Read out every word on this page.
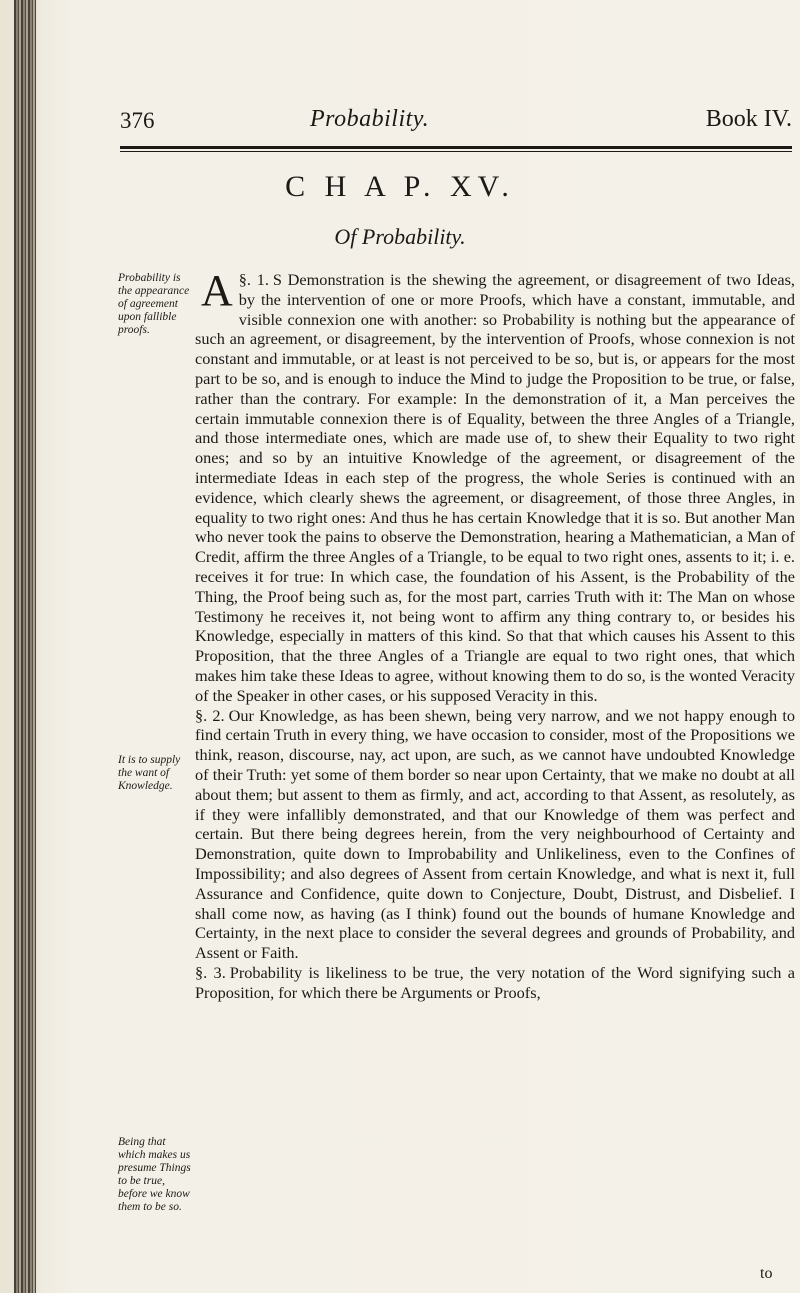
376	Probability.	Book IV.
C H A P. XV.
Of Probability.
Probability is the appearance of agreement upon fallible proofs.
It is to supply the want of Knowledge.
Being that which makes us presume Things to be true, before we know them to be so.

§. 1.
A S Demonstration is the shewing the agreement, or disagreement of two Ideas, by the intervention of one or more Proofs, which have a constant, immutable, and visible connexion one with another: so Probability is nothing but the appearance of such an agreement, or disagreement, by the intervention of Proofs, whose connexion is not constant and immutable, or at least is not perceived to be so, but is, or appears for the most part to be so, and is enough to induce the Mind to judge the Proposition to be true, or false, rather than the contrary. For example: In the demonstration of it, a Man perceives the certain immutable connexion there is of Equality, between the three Angles of a Triangle, and those intermediate ones, which are made use of, to shew their Equality to two right ones; and so by an intuitive Knowledge of the agreement, or disagreement of the intermediate Ideas in each step of the progress, the whole Series is continued with an evidence, which clearly shews the agreement, or disagreement, of those three Angles, in equality to two right ones: And thus he has certain Knowledge that it is so. But another Man who never took the pains to observe the Demonstration, hearing a Mathematician, a Man of Credit, affirm the three Angles of a Triangle, to be equal to two right ones, assents to it; i. e. receives it for true: In which case, the foundation of his Assent, is the Probability of the Thing, the Proof being such as, for the most part, carries Truth with it: The Man on whose Testimony he receives it, not being wont to affirm any thing contrary to, or besides his Knowledge, especially in matters of this kind. So that that which causes his Assent to this Proposition, that the three Angles of a Triangle are equal to two right ones, that which makes him take these Ideas to agree, without knowing them to do so, is the wonted Veracity of the Speaker in other cases, or his supposed Veracity in this.

§. 2. Our Knowledge, as has been shewn, being very narrow, and we not happy enough to find certain Truth in every thing, we have occasion to consider, most of the Propositions we think, reason, discourse, nay, act upon, are such, as we cannot have undoubted Knowledge of their Truth: yet some of them border so near upon Certainty, that we make no doubt at all about them; but assent to them as firmly, and act, according to that Assent, as resolutely, as if they were infallibly demonstrated, and that our Knowledge of them was perfect and certain. But there being degrees herein, from the very neighbourhood of Certainty and Demonstration, quite down to Improbability and Unlikeliness, even to the Confines of Impossibility; and also degrees of Assent from certain Knowledge, and what is next it, full Assurance and Confidence, quite down to Conjecture, Doubt, Distrust, and Disbelief. I shall come now, as having (as I think) found out the bounds of humane Knowledge and Certainty, in the next place to consider the several degrees and grounds of Probability, and Assent or Faith.

§. 3. Probability is likeliness to be true, the very notation of the Word signifying such a Proposition, for which there be Arguments or Proofs,

to
